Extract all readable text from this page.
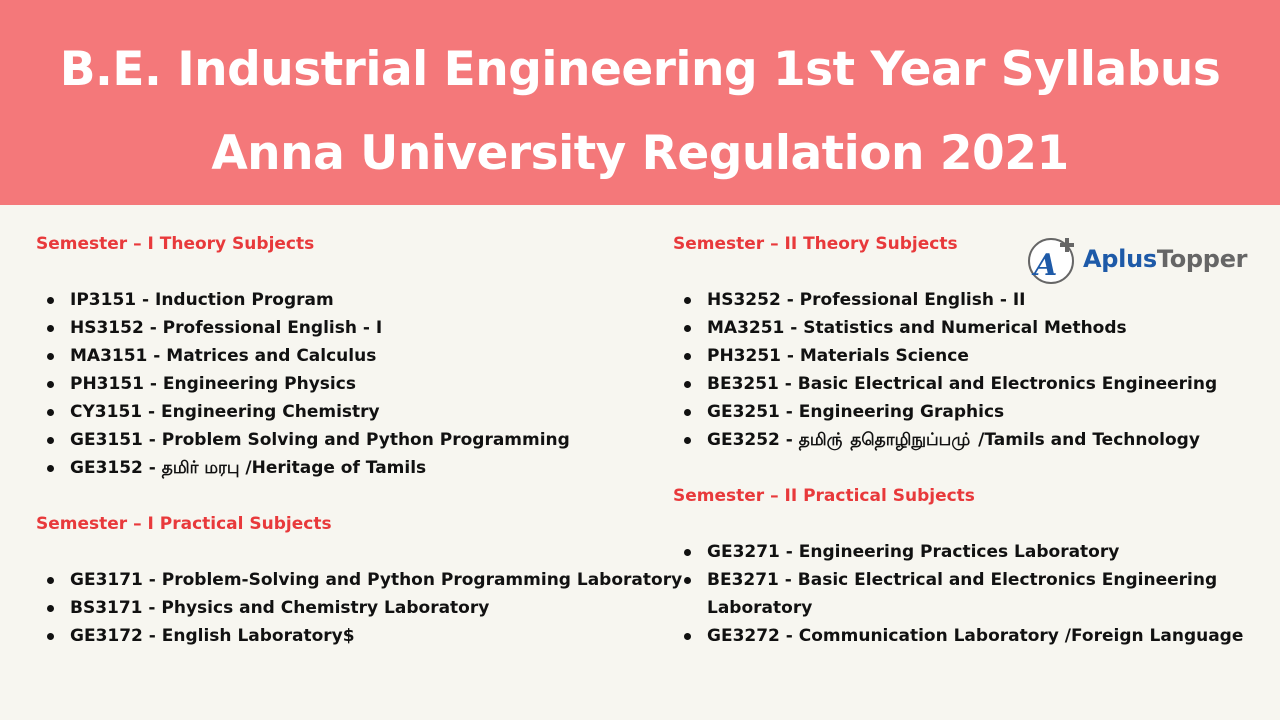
B.E. Industrial Engineering 1st Year Syllabus
Anna University Regulation 2021
A AplusTopper
Semester – I Theory Subjects
IP3151 - Induction Program
HS3152 - Professional English - I
MA3151 - Matrices and Calculus
PH3151 - Engineering Physics
CY3151 - Engineering Chemistry
GE3151 - Problem Solving and Python Programming
GE3152 - தமிர் மரபு /Heritage of Tamils
Semester – I Practical Subjects
GE3171 - Problem-Solving and Python Programming Laboratory
BS3171 - Physics and Chemistry Laboratory
GE3172 - English Laboratory$
Semester – II Theory Subjects
HS3252 - Professional English - II
MA3251 - Statistics and Numerical Methods
PH3251 - Materials Science
BE3251 - Basic Electrical and Electronics Engineering
GE3251 - Engineering Graphics
GE3252 - தமிரு் ததொழிநுப்பமு் /Tamils and Technology
Semester – II Practical Subjects
GE3271 - Engineering Practices Laboratory
BE3271 - Basic Electrical and Electronics Engineering Laboratory
GE3272 - Communication Laboratory /Foreign Language
